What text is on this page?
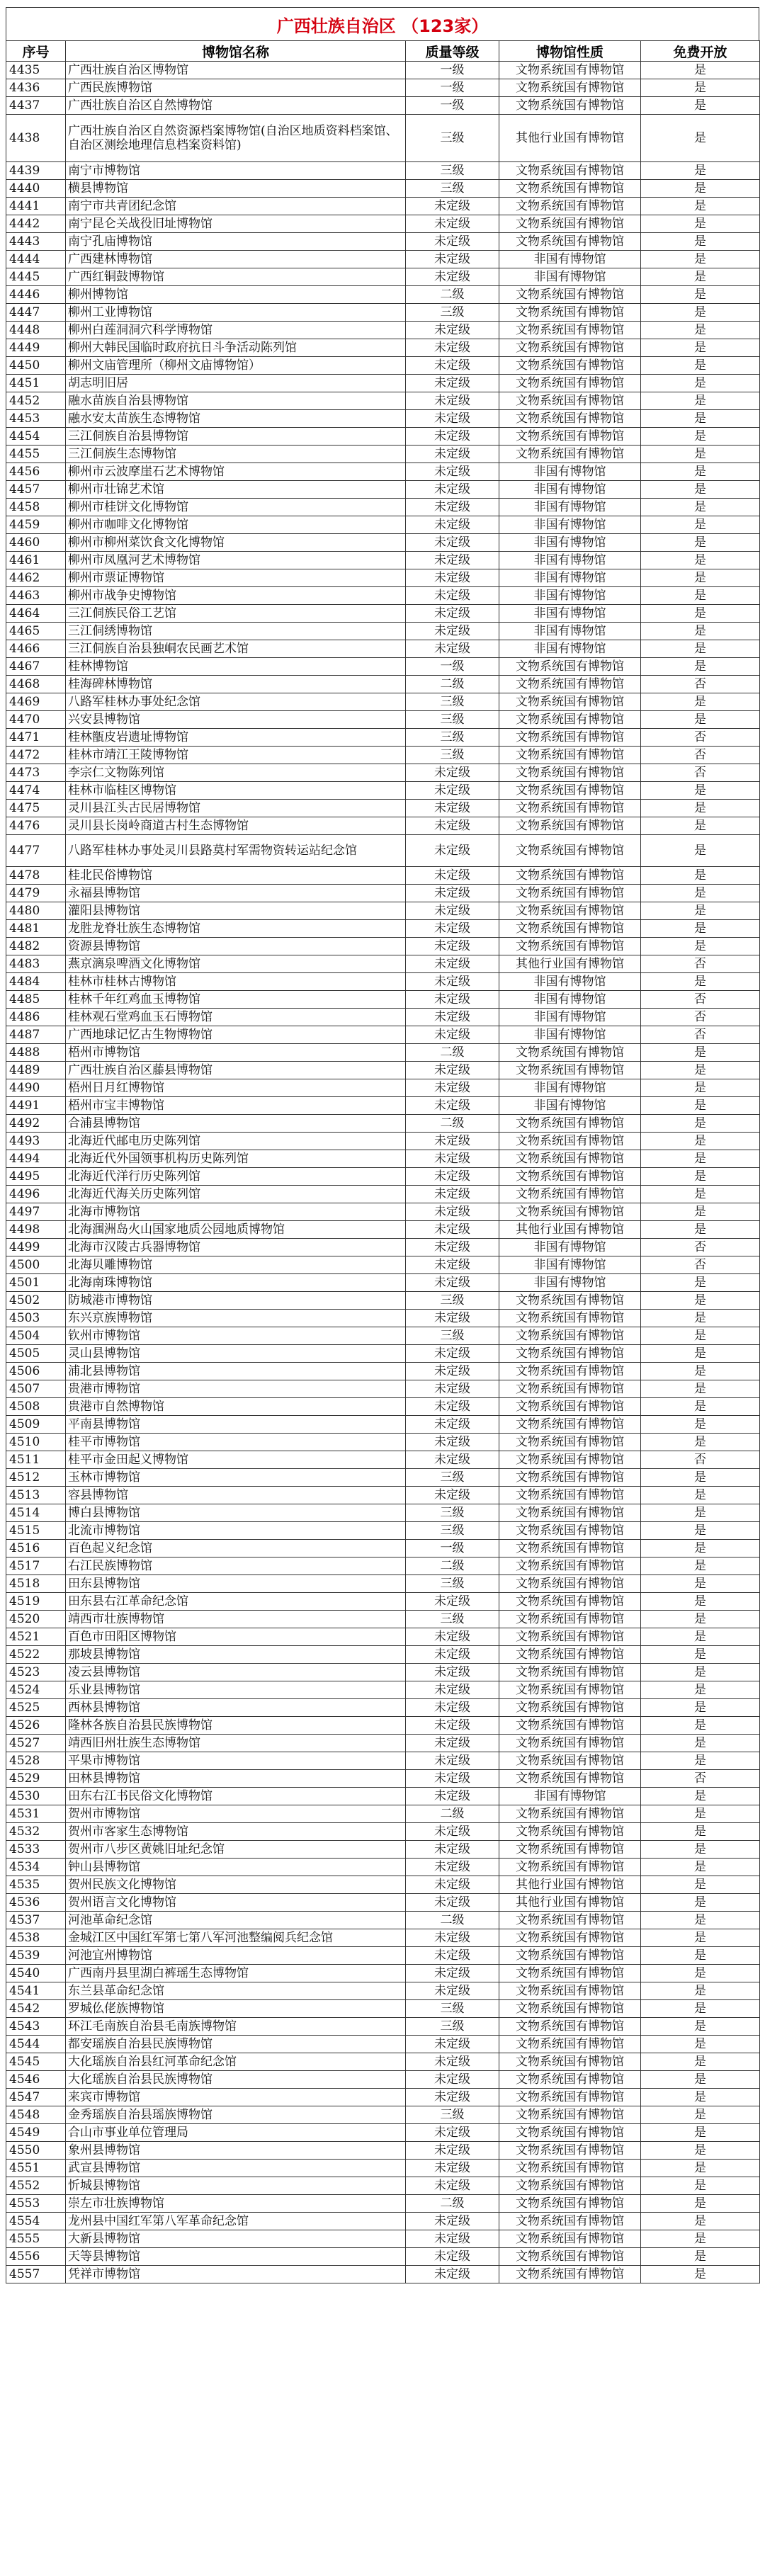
广西壮族自治区 （123家）
序号	博物馆名称	质量等级	博物馆性质	免费开放
4435	广西壮族自治区博物馆	一级	文物系统国有博物馆	是
4436	广西民族博物馆	一级	文物系统国有博物馆	是
4437	广西壮族自治区自然博物馆	一级	文物系统国有博物馆	是
4438	广西壮族自治区自然资源档案博物馆(自治区地质资料档案馆、自治区测绘地理信息档案资料馆)	三级	其他行业国有博物馆	是
4439	南宁市博物馆	三级	文物系统国有博物馆	是
4440	横县博物馆	三级	文物系统国有博物馆	是
4441	南宁市共青团纪念馆	未定级	文物系统国有博物馆	是
4442	南宁昆仑关战役旧址博物馆	未定级	文物系统国有博物馆	是
4443	南宁孔庙博物馆	未定级	文物系统国有博物馆	是
4444	广西建林博物馆	未定级	非国有博物馆	是
4445	广西红铜鼓博物馆	未定级	非国有博物馆	是
4446	柳州博物馆	二级	文物系统国有博物馆	是
4447	柳州工业博物馆	三级	文物系统国有博物馆	是
4448	柳州白莲洞洞穴科学博物馆	未定级	文物系统国有博物馆	是
4449	柳州大韩民国临时政府抗日斗争活动陈列馆	未定级	文物系统国有博物馆	是
4450	柳州文庙管理所（柳州文庙博物馆）	未定级	文物系统国有博物馆	是
4451	胡志明旧居	未定级	文物系统国有博物馆	是
4452	融水苗族自治县博物馆	未定级	文物系统国有博物馆	是
4453	融水安太苗族生态博物馆	未定级	文物系统国有博物馆	是
4454	三江侗族自治县博物馆	未定级	文物系统国有博物馆	是
4455	三江侗族生态博物馆	未定级	文物系统国有博物馆	是
4456	柳州市云波摩崖石艺术博物馆	未定级	非国有博物馆	是
4457	柳州市壮锦艺术馆	未定级	非国有博物馆	是
4458	柳州市桂饼文化博物馆	未定级	非国有博物馆	是
4459	柳州市咖啡文化博物馆	未定级	非国有博物馆	是
4460	柳州市柳州菜饮食文化博物馆	未定级	非国有博物馆	是
4461	柳州市凤凰河艺术博物馆	未定级	非国有博物馆	是
4462	柳州市票证博物馆	未定级	非国有博物馆	是
4463	柳州市战争史博物馆	未定级	非国有博物馆	是
4464	三江侗族民俗工艺馆	未定级	非国有博物馆	是
4465	三江侗绣博物馆	未定级	非国有博物馆	是
4466	三江侗族自治县独峒农民画艺术馆	未定级	非国有博物馆	是
4467	桂林博物馆	一级	文物系统国有博物馆	是
4468	桂海碑林博物馆	二级	文物系统国有博物馆	否
4469	八路军桂林办事处纪念馆	三级	文物系统国有博物馆	是
4470	兴安县博物馆	三级	文物系统国有博物馆	是
4471	桂林甑皮岩遗址博物馆	三级	文物系统国有博物馆	否
4472	桂林市靖江王陵博物馆	三级	文物系统国有博物馆	否
4473	李宗仁文物陈列馆	未定级	文物系统国有博物馆	否
4474	桂林市临桂区博物馆	未定级	文物系统国有博物馆	是
4475	灵川县江头古民居博物馆	未定级	文物系统国有博物馆	是
4476	灵川县长岗岭商道古村生态博物馆	未定级	文物系统国有博物馆	是
4477	八路军桂林办事处灵川县路莫村军需物资转运站纪念馆	未定级	文物系统国有博物馆	是
4478	桂北民俗博物馆	未定级	文物系统国有博物馆	是
4479	永福县博物馆	未定级	文物系统国有博物馆	是
4480	灌阳县博物馆	未定级	文物系统国有博物馆	是
4481	龙胜龙脊壮族生态博物馆	未定级	文物系统国有博物馆	是
4482	资源县博物馆	未定级	文物系统国有博物馆	是
4483	燕京漓泉啤酒文化博物馆	未定级	其他行业国有博物馆	否
4484	桂林市桂林古博物馆	未定级	非国有博物馆	是
4485	桂林千年红鸡血玉博物馆	未定级	非国有博物馆	否
4486	桂林观石堂鸡血玉石博物馆	未定级	非国有博物馆	否
4487	广西地球记忆古生物博物馆	未定级	非国有博物馆	否
4488	梧州市博物馆	二级	文物系统国有博物馆	是
4489	广西壮族自治区藤县博物馆	未定级	文物系统国有博物馆	是
4490	梧州日月红博物馆	未定级	非国有博物馆	是
4491	梧州市宝丰博物馆	未定级	非国有博物馆	是
4492	合浦县博物馆	二级	文物系统国有博物馆	是
4493	北海近代邮电历史陈列馆	未定级	文物系统国有博物馆	是
4494	北海近代外国领事机构历史陈列馆	未定级	文物系统国有博物馆	是
4495	北海近代洋行历史陈列馆	未定级	文物系统国有博物馆	是
4496	北海近代海关历史陈列馆	未定级	文物系统国有博物馆	是
4497	北海市博物馆	未定级	文物系统国有博物馆	是
4498	北海涠洲岛火山国家地质公园地质博物馆	未定级	其他行业国有博物馆	是
4499	北海市汉陵古兵器博物馆	未定级	非国有博物馆	否
4500	北海贝雕博物馆	未定级	非国有博物馆	否
4501	北海南珠博物馆	未定级	非国有博物馆	是
4502	防城港市博物馆	三级	文物系统国有博物馆	是
4503	东兴京族博物馆	未定级	文物系统国有博物馆	是
4504	钦州市博物馆	三级	文物系统国有博物馆	是
4505	灵山县博物馆	未定级	文物系统国有博物馆	是
4506	浦北县博物馆	未定级	文物系统国有博物馆	是
4507	贵港市博物馆	未定级	文物系统国有博物馆	是
4508	贵港市自然博物馆	未定级	文物系统国有博物馆	是
4509	平南县博物馆	未定级	文物系统国有博物馆	是
4510	桂平市博物馆	未定级	文物系统国有博物馆	是
4511	桂平市金田起义博物馆	未定级	文物系统国有博物馆	否
4512	玉林市博物馆	三级	文物系统国有博物馆	是
4513	容县博物馆	未定级	文物系统国有博物馆	是
4514	博白县博物馆	三级	文物系统国有博物馆	是
4515	北流市博物馆	三级	文物系统国有博物馆	是
4516	百色起义纪念馆	一级	文物系统国有博物馆	是
4517	右江民族博物馆	二级	文物系统国有博物馆	是
4518	田东县博物馆	三级	文物系统国有博物馆	是
4519	田东县右江革命纪念馆	未定级	文物系统国有博物馆	是
4520	靖西市壮族博物馆	三级	文物系统国有博物馆	是
4521	百色市田阳区博物馆	未定级	文物系统国有博物馆	是
4522	那坡县博物馆	未定级	文物系统国有博物馆	是
4523	凌云县博物馆	未定级	文物系统国有博物馆	是
4524	乐业县博物馆	未定级	文物系统国有博物馆	是
4525	西林县博物馆	未定级	文物系统国有博物馆	是
4526	隆林各族自治县民族博物馆	未定级	文物系统国有博物馆	是
4527	靖西旧州壮族生态博物馆	未定级	文物系统国有博物馆	是
4528	平果市博物馆	未定级	文物系统国有博物馆	是
4529	田林县博物馆	未定级	文物系统国有博物馆	否
4530	田东右江书民俗文化博物馆	未定级	非国有博物馆	是
4531	贺州市博物馆	二级	文物系统国有博物馆	是
4532	贺州市客家生态博物馆	未定级	文物系统国有博物馆	是
4533	贺州市八步区黄姚旧址纪念馆	未定级	文物系统国有博物馆	是
4534	钟山县博物馆	未定级	文物系统国有博物馆	是
4535	贺州民族文化博物馆	未定级	其他行业国有博物馆	是
4536	贺州语言文化博物馆	未定级	其他行业国有博物馆	是
4537	河池革命纪念馆	二级	文物系统国有博物馆	是
4538	金城江区中国红军第七第八军河池整编阅兵纪念馆	未定级	文物系统国有博物馆	是
4539	河池宜州博物馆	未定级	文物系统国有博物馆	是
4540	广西南丹县里湖白裤瑶生态博物馆	未定级	文物系统国有博物馆	是
4541	东兰县革命纪念馆	未定级	文物系统国有博物馆	是
4542	罗城仫佬族博物馆	三级	文物系统国有博物馆	是
4543	环江毛南族自治县毛南族博物馆	三级	文物系统国有博物馆	是
4544	都安瑶族自治县民族博物馆	未定级	文物系统国有博物馆	是
4545	大化瑶族自治县红河革命纪念馆	未定级	文物系统国有博物馆	是
4546	大化瑶族自治县民族博物馆	未定级	文物系统国有博物馆	是
4547	来宾市博物馆	未定级	文物系统国有博物馆	是
4548	金秀瑶族自治县瑶族博物馆	三级	文物系统国有博物馆	是
4549	合山市事业单位管理局	未定级	文物系统国有博物馆	是
4550	象州县博物馆	未定级	文物系统国有博物馆	是
4551	武宣县博物馆	未定级	文物系统国有博物馆	是
4552	忻城县博物馆	未定级	文物系统国有博物馆	是
4553	崇左市壮族博物馆	二级	文物系统国有博物馆	是
4554	龙州县中国红军第八军革命纪念馆	未定级	文物系统国有博物馆	是
4555	大新县博物馆	未定级	文物系统国有博物馆	是
4556	天等县博物馆	未定级	文物系统国有博物馆	是
4557	凭祥市博物馆	未定级	文物系统国有博物馆	是
